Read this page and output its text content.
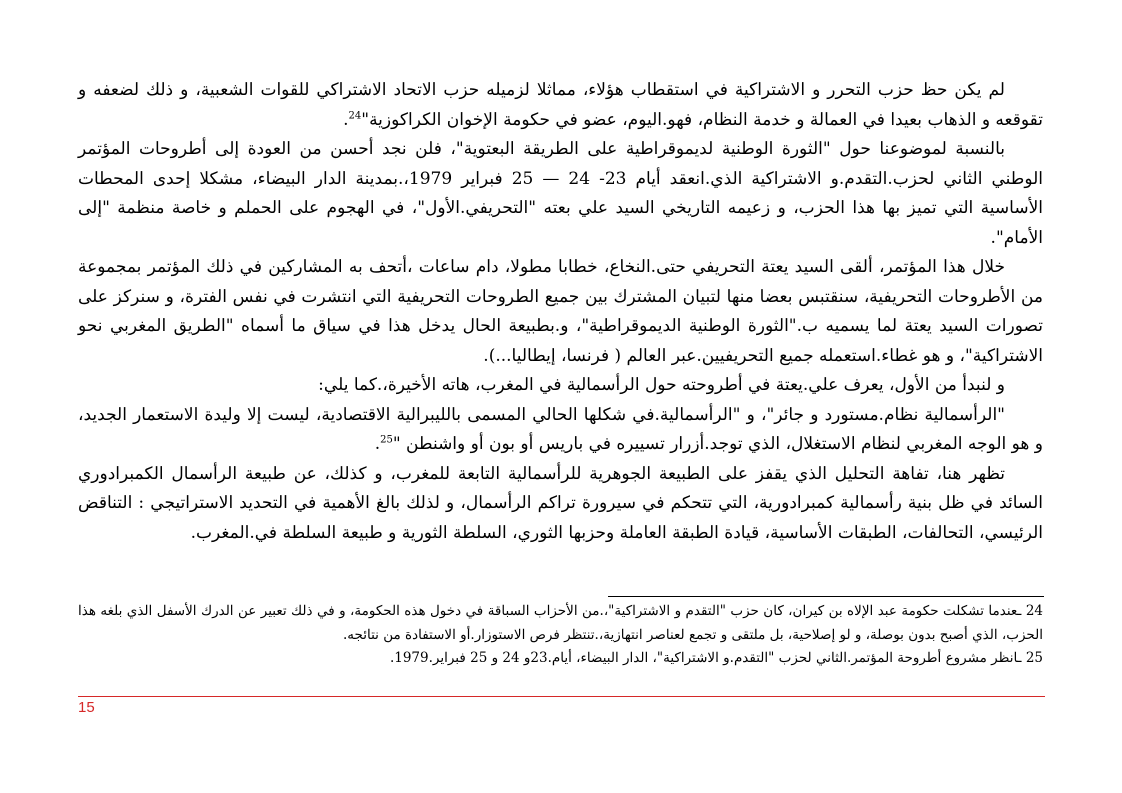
لم يكن حظ حزب التحرر و الاشتراكية في استقطاب هؤلاء، مماثلا لزميله حزب الاتحاد الاشتراكي للقوات الشعبية، و ذلك لضعفه و تقوقعه و الذهاب بعيدا في العمالة و خدمة النظام، فهو.اليوم، عضو في حكومة الإخوان الكراكوزية"$^{24}$.

بالنسبة لموضوعنا حول "الثورة الوطنية لديموقراطية على الطريقة البعتوية"، فلن نجد أحسن من العودة إلى أطروحات المؤتمر الوطني الثاني لحزب.التقدم.و الاشتراكية الذي.انعقد أيام 23- 24 — 25 فبراير 1979،.بمدينة الدار البيضاء، مشكلا إحدى المحطات الأساسية التي تميز بها هذا الحزب، و زعيمه التاريخي السيد علي بعته "التحريفي.الأول"، في الهجوم على الحملم و خاصة منظمة "إلى الأمام".

خلال هذا المؤتمر، ألقى السيد يعتة التحريفي حتى.النخاع، خطابا مطولا، دام ساعات ،أتحف به المشاركين في ذلك المؤتمر بمجموعة من الأطروحات التحريفية، سنقتبس بعضا منها لتبيان المشترك بين جميع الطروحات التحريفية التي انتشرت في نفس الفترة، و سنركز على تصورات السيد يعتة لما يسميه ب."الثورة الوطنية الديموقراطية"، و.بطبيعة الحال يدخل هذا في سياق ما أسماه "الطريق المغربي نحو الاشتراكية"، و هو غطاء.استعمله جميع التحريفيين.عبر العالم ( فرنسا، إيطاليا...).

و لنبدأ من الأول، يعرف علي.يعتة في أطروحته حول الرأسمالية في المغرب، هاته الأخيرة،.كما يلي:

"الرأسمالية نظام.مستورد و جائر"، و "الرأسمالية.في شكلها الحالي المسمى بالليبرالية الاقتصادية، ليست إلا وليدة الاستعمار الجديد، و هو الوجه المغربي لنظام الاستغلال، الذي توجد.أزرار تسييره في باريس أو بون أو واشنطن "$^{25}$.

تظهر هنا، تفاهة التحليل الذي يقفز على الطبيعة الجوهرية للرأسمالية التابعة للمغرب، و كذلك، عن طبيعة الرأسمال الكمبرادوري السائد في ظل بنية رأسمالية كمبرادورية، التي تتحكم في سيرورة تراكم الرأسمال، و لذلك بالغ الأهمية في التحديد الاستراتيجي : التناقض الرئيسي، التحالفات، الطبقات الأساسية، قيادة الطبقة العاملة وحزبها الثوري، السلطة الثورية و طبيعة السلطة في.المغرب.

24 ـعندما تشكلت حكومة عبد الإلاه بن كيران، كان حزب "التقدم و الاشتراكية"،.من الأحزاب السباقة في دخول هذه الحكومة، و في ذلك تعبير عن الدرك الأسفل الذي بلغه هذا الحزب، الذي أصبح بدون بوصلة، و لو إصلاحية، بل ملتقى و تجمع لعناصر انتهازية،.تنتظر فرص الاستوزار.أو الاستفادة من نتائجه.

25 ـانظر مشروع أطروحة المؤتمر.الثاني لحزب "التقدم.و الاشتراكية"، الدار البيضاء، أيام.23و 24 و 25 فبراير.1979.

15
